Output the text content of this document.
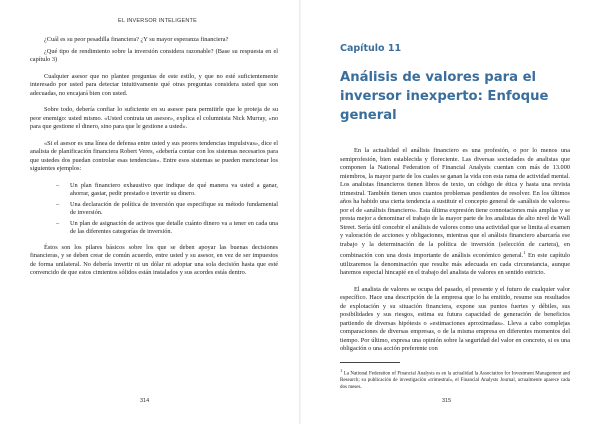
EL INVERSOR INTELIGENTE

¿Cuál es su peor pesadilla financiera? ¿Y su mayor esperanza financiera?

¿Qué tipo de rendimiento sobre la inversión considera razonable? (Base su respuesta en el capítulo 3)

Cualquier asesor que no plantee preguntas de este estilo, y que no esté suficientemente interesado por usted para detectar intuitivamente qué otras preguntas considera usted que son adecuadas, no encajará bien con usted.

Sobre todo, debería confiar lo suficiente en su asesor para permitirle que le proteja de su peor enemigo: usted mismo. «Usted contrata un asesor», explica el columnista Nick Murray, «no para que gestione el dinero, sino para que le gestione a usted».

«Si el asesor es una línea de defensa entre usted y sus peores tendencias impulsivas», dice el analista de planificación financiera Robert Veres, «debería contar con los sistemas necesarios para que ustedes dos puedan controlar esas tendencias». Entre esos sistemas se pueden mencionar los siguientes ejemplos:

– Un plan financiero exhaustivo que indique de qué manera va usted a ganar, ahorrar, gastar, pedir prestado e invertir su dinero.
– Una declaración de política de inversión que especifique su método fundamental de inversión.
– Un plan de asignación de activos que detalle cuánto dinero va a tener en cada una de las diferentes categorías de inversión.

Éstos son los pilares básicos sobre los que se deben apoyar las buenas decisiones financieras, y se deben crear de común acuerdo, entre usted y su asesor, en vez de ser impuestos de forma unilateral. No debería invertir ni un dólar ni adoptar una sola decisión hasta que esté convencido de que estos cimientos sólidos están instalados y sus acordes estás dentro.

314
Capítulo 11
Análisis de valores para el inversor inexperto: Enfoque general

En la actualidad el análisis financiero es una profesión, o por lo menos una semiprofesión, bien establecida y floreciente. Las diversas sociedades de analistas que componen la National Federation of Financial Analysts cuentan con más de 13.000 miembros, la mayor parte de los cuales se ganan la vida con esta rama de actividad mental. Los analistas financieros tienen libros de texto, un código de ética y hasta una revista trimestral. También tienen unos cuantos problemas pendientes de resolver. En los últimos años ha habido una cierta tendencia a sustituir el concepto general de «análisis de valores» por el de «análisis financiero». Esta última expresión tiene connotaciones más amplias y se presta mejor a denominar el trabajo de la mayor parte de los analistas de alto nivel de Wall Street. Sería útil concebir el análisis de valores como una actividad que se limita al examen y valoración de acciones y obligaciones, mientras que el análisis financiero abarcaría ese trabajo y la determinación de la política de inversión (selección de cartera), en combinación con una dosis importante de análisis económico general.$^1$ En este capítulo utilizaremos la denominación que resulte más adecuada en cada circunstancia, aunque haremos especial hincapié en el trabajo del analista de valores en sentido estricto.

El analista de valores se ocupa del pasado, el presente y el futuro de cualquier valor específico. Hace una descripción de la empresa que lo ha emitido, resume sus resultados de explotación y su situación financiera, expone sus puntos fuertes y débiles, sus posibilidades y sus riesgos, estima su futura capacidad de generación de beneficios partiendo de diversas hipótesis o «estimaciones aproximadas». Lleva a cabo complejas comparaciones de diversas empresas, o de la misma empresa en diferentes momentos del tiempo. Por último, expresa una opinión sobre la seguridad del valor en concreto, si es una obligación o una acción preferente con

1 La National Federation of Financial Analysts es en la actualidad la Association for Investment Management and Research; su publicación de investigación «trimestral», el Financial Analysts Journal, actualmente aparece cada dos meses.

315
